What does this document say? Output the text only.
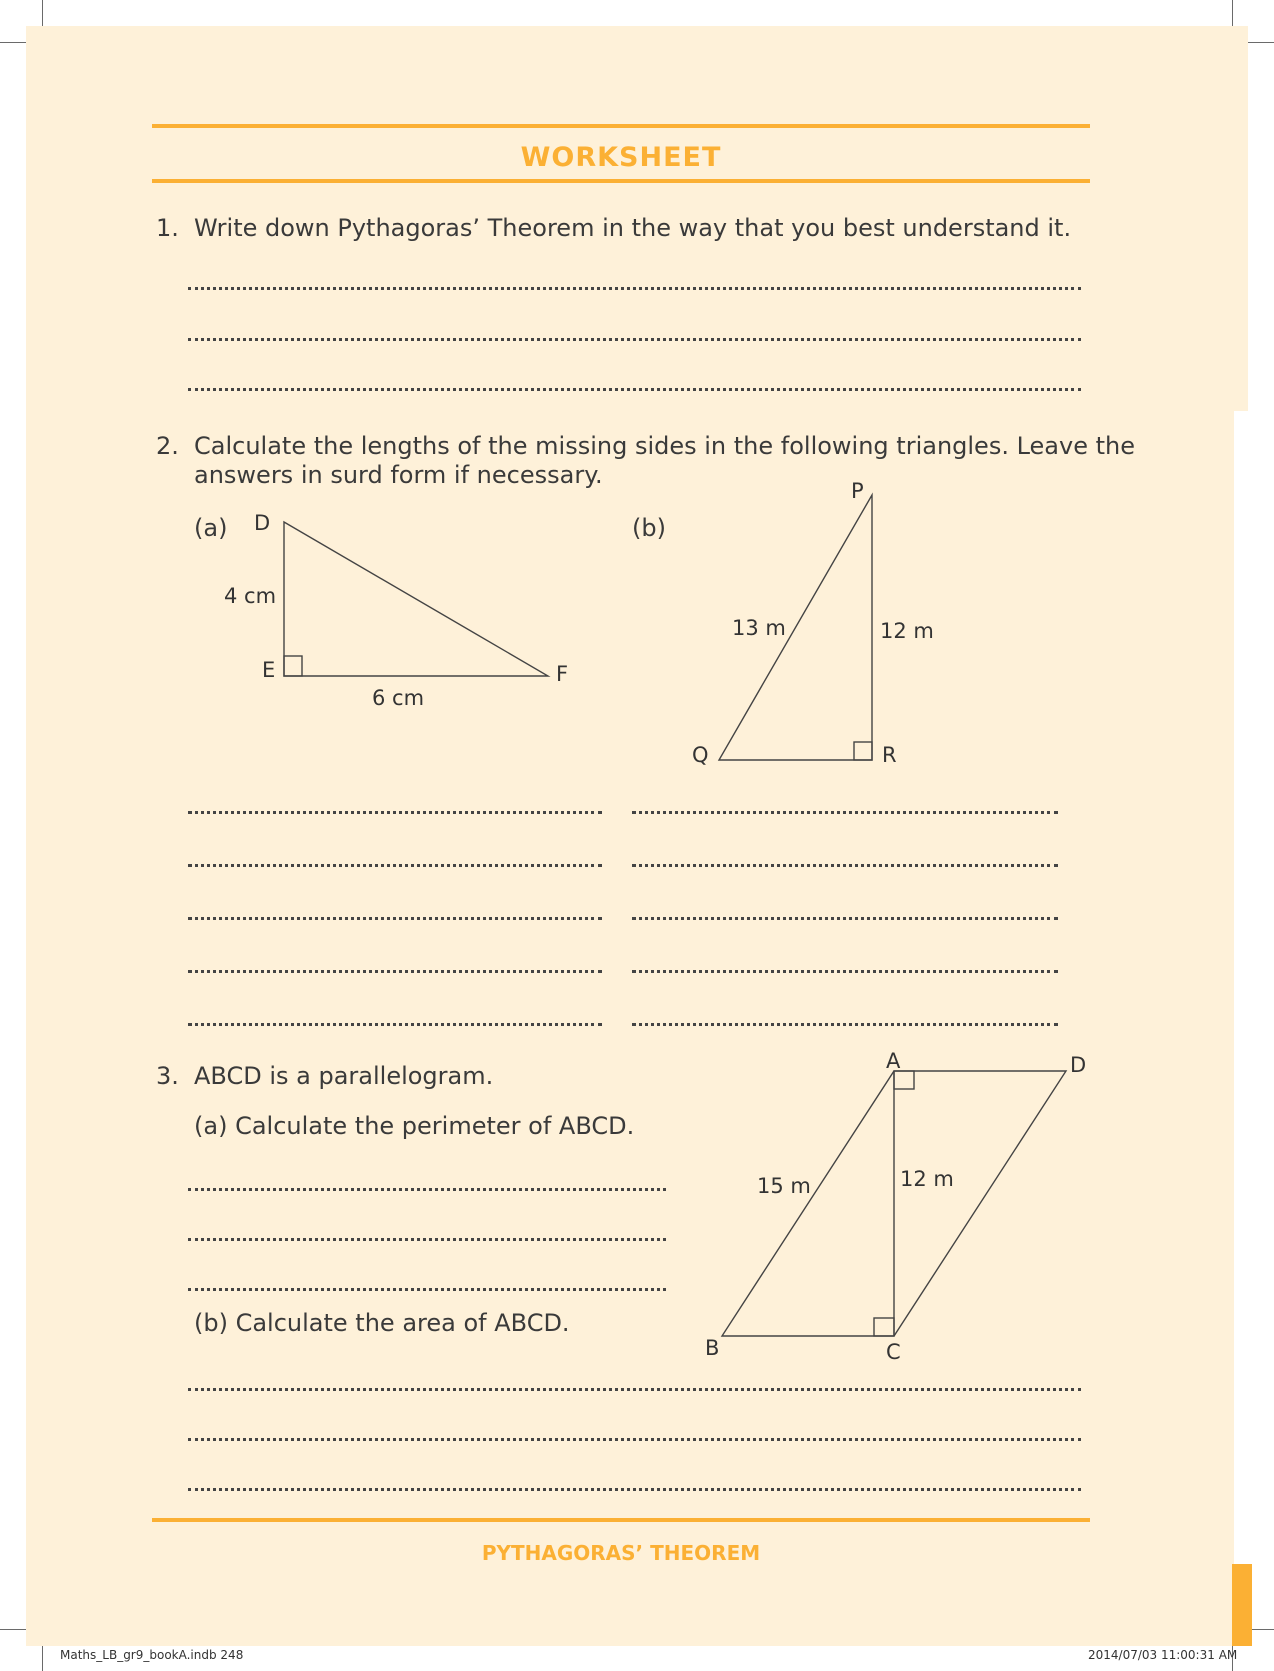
WORKSHEET
1. Write down Pythagoras’ Theorem in the way that you best understand it.
2. Calculate the lengths of the missing sides in the following triangles. Leave the
answers in surd form if necessary.
(a)	(b)
D
E	F
4 cm
6 cm
P
Q	R
13 m	12 m
3. ABCD is a parallelogram.
(a) Calculate the perimeter of ABCD.
(b) Calculate the area of ABCD.
A	D
B	C
15 m	12 m
PYTHAGORAS’ THEOREM
Maths_LB_gr9_bookA.indb 248	2014/07/03 11:00:31 AM
